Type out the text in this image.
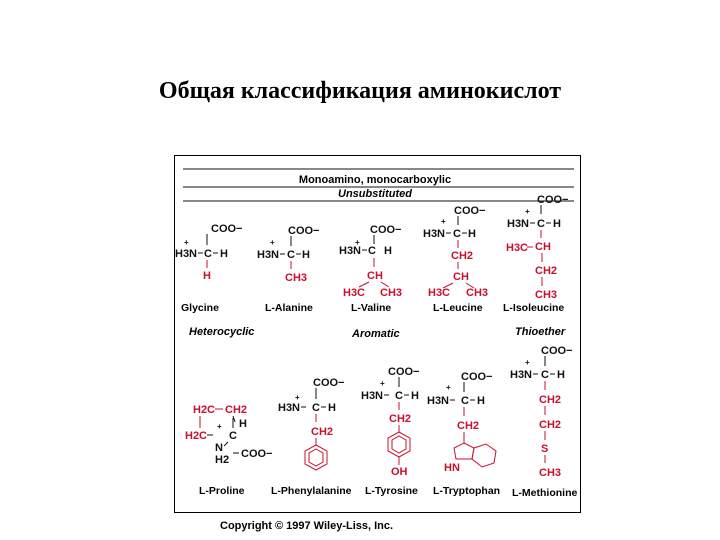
Общая классификация аминокислот
Monoamino, monocarboxylic
Unsubstituted
COO−
+
H3N C H
H
Glycine
COO−
+
H3N C H
CH3
L-Alanine
COO−
+
H3N C H
CH
H3C CH3
L-Valine
COO−
+
H3N C H
CH2
CH
H3C CH3
L-Leucine
COO−
+
H3N C H
H3C CH
CH2
CH3
L-Isoleucine
Heterocyclic	Aromatic	Thioether
H2C CH2
H
H2C
+
C
N
H2 COO−
L-Proline
COO−
+
H3N C H
CH2
L-Phenylalanine
COO−
+
H3N C H
CH2
OH
L-Tyrosine
COO−
+
H3N C H
CH2
HN
L-Tryptophan
COO−
+
H3N C H
CH2
CH2
S
CH3
L-Methionine
Copyright © 1997 Wiley-Liss, Inc.
